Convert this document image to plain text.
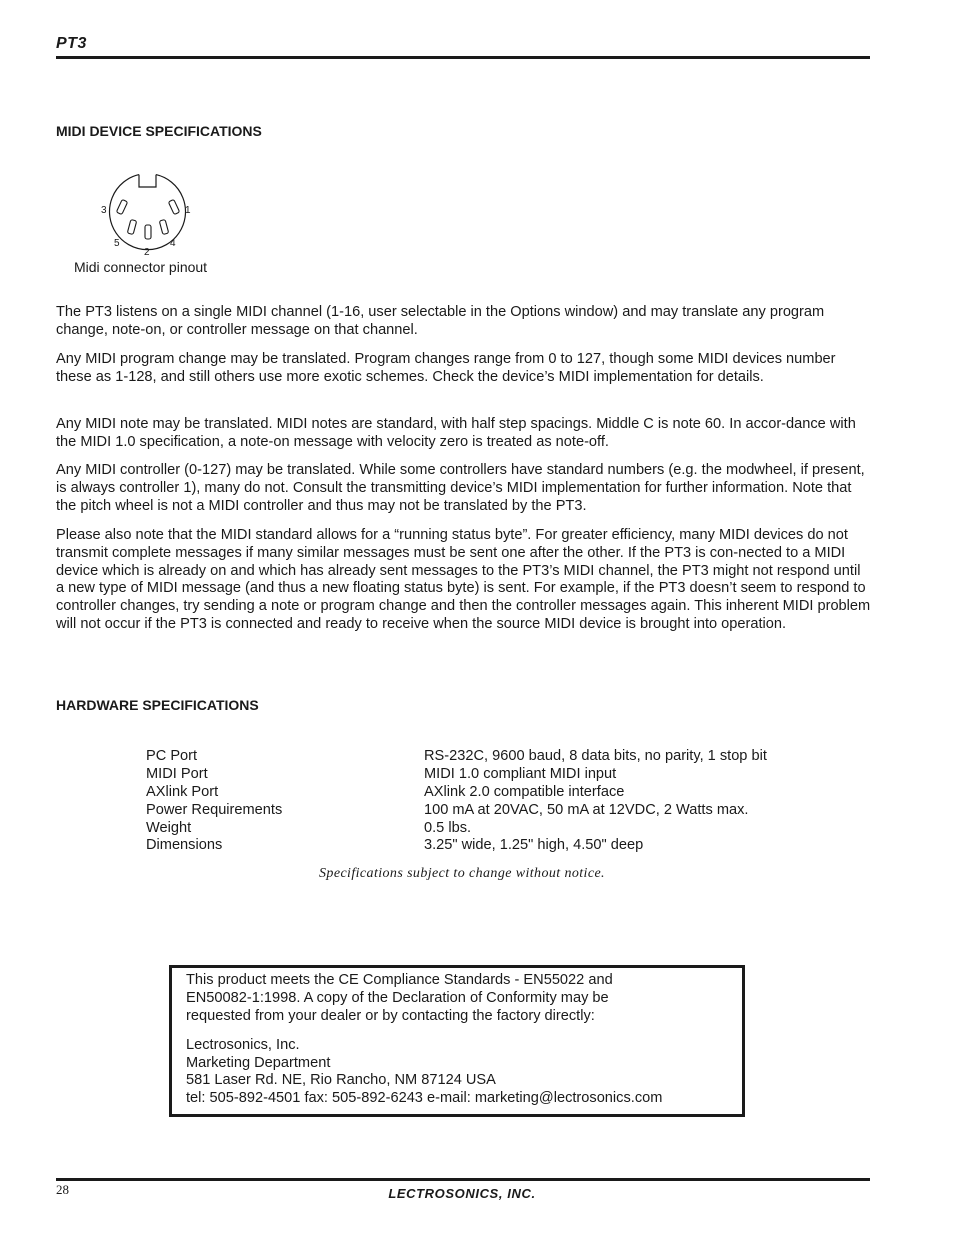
PT3
MIDI DEVICE SPECIFICATIONS
3	1
5	4
2
Midi connector pinout

The PT3 listens on a single MIDI channel (1-16, user selectable in the Options window) and may translate any program change, note-on, or controller message on that channel.

Any MIDI program change may be translated. Program changes range from 0 to 127, though some MIDI devices number these as 1-128, and still others use more exotic schemes. Check the device’s MIDI implementation for details.

Any MIDI note may be translated. MIDI notes are standard, with half step spacings. Middle C is note 60. In accor-dance with the MIDI 1.0 specification, a note-on message with velocity zero is treated as note-off.

Any MIDI controller (0-127) may be translated. While some controllers have standard numbers (e.g. the modwheel, if present, is always controller 1), many do not. Consult the transmitting device’s MIDI implementation for further information. Note that the pitch wheel is not a MIDI controller and thus may not be translated by the PT3.

Please also note that the MIDI standard allows for a “running status byte”. For greater efficiency, many MIDI devices do not transmit complete messages if many similar messages must be sent one after the other. If the PT3 is con-nected to a MIDI device which is already on and which has already sent messages to the PT3’s MIDI channel, the PT3 might not respond until a new type of MIDI message (and thus a new floating status byte) is sent. For example, if the PT3 doesn’t seem to respond to controller changes, try sending a note or program change and then the controller messages again. This inherent MIDI problem will not occur if the PT3 is connected and ready to receive when the source MIDI device is brought into operation.

HARDWARE SPECIFICATIONS
PC Port	RS-232C, 9600 baud, 8 data bits, no parity, 1 stop bit
MIDI Port	MIDI 1.0 compliant MIDI input
AXlink Port	AXlink 2.0 compatible interface
Power Requirements	100 mA at 20VAC, 50 mA at 12VDC, 2 Watts max.
Weight	0.5 lbs.
Dimensions	3.25" wide, 1.25" high, 4.50" deep
Specifications subject to change without notice.
This product meets the CE Compliance Standards - EN55022 and
EN50082-1:1998. A copy of the Declaration of Conformity may be
requested from your dealer or by contacting the factory directly:
Lectrosonics, Inc.
Marketing Department
581 Laser Rd. NE, Rio Rancho, NM 87124 USA
tel: 505-892-4501 fax: 505-892-6243 e-mail: marketing@lectrosonics.com
28	LECTROSONICS, INC.
